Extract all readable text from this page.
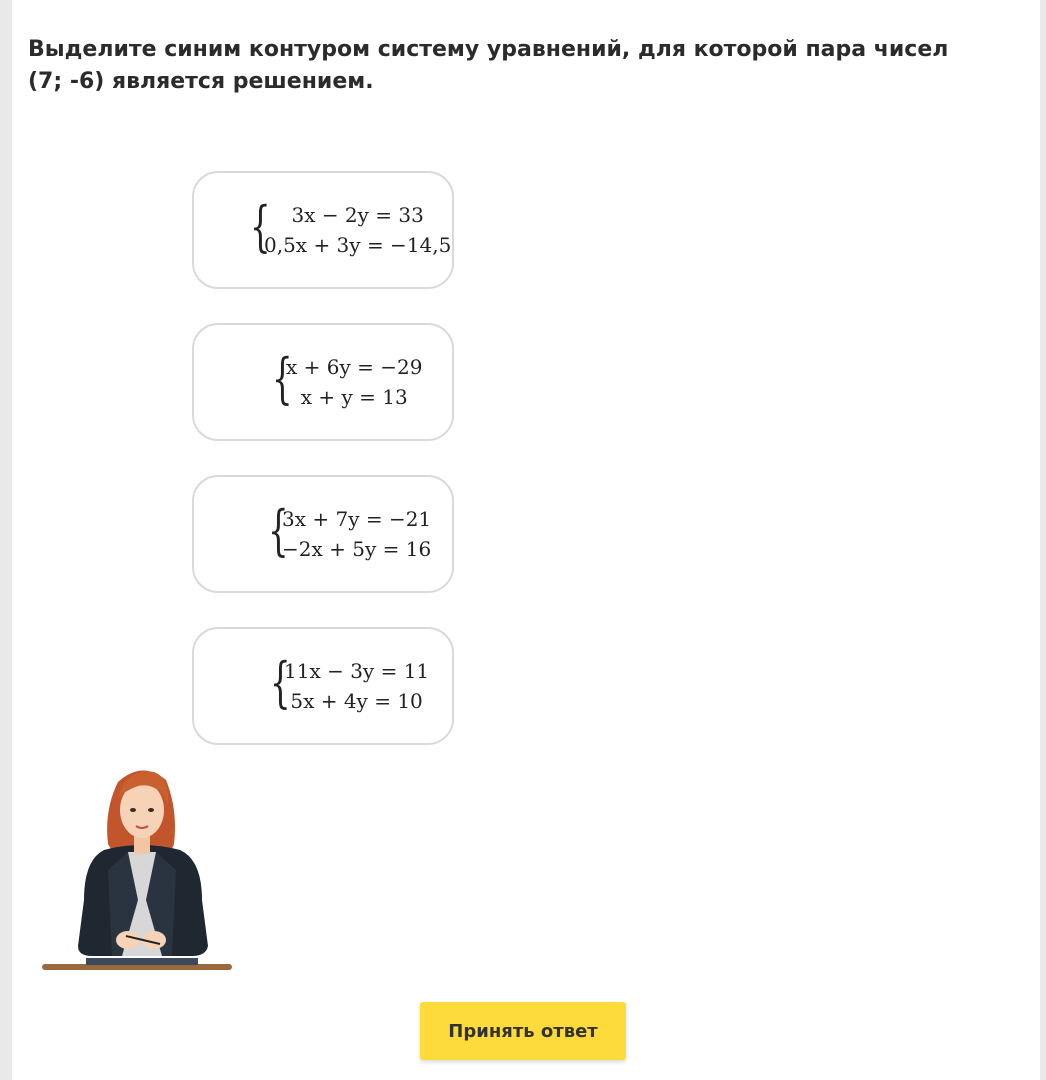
Выделите синим контуром систему уравнений, для которой пара чисел (7; -6) является решением.

{ 3x − 2y = 33
0,5x + 3y = −14,5
{
x + 6y = −29
x + y = 13
{
3x + 7y = −21
−2x + 5y = 16
{
11x − 3y = 11
5x + 4y = 10
Принять ответ
